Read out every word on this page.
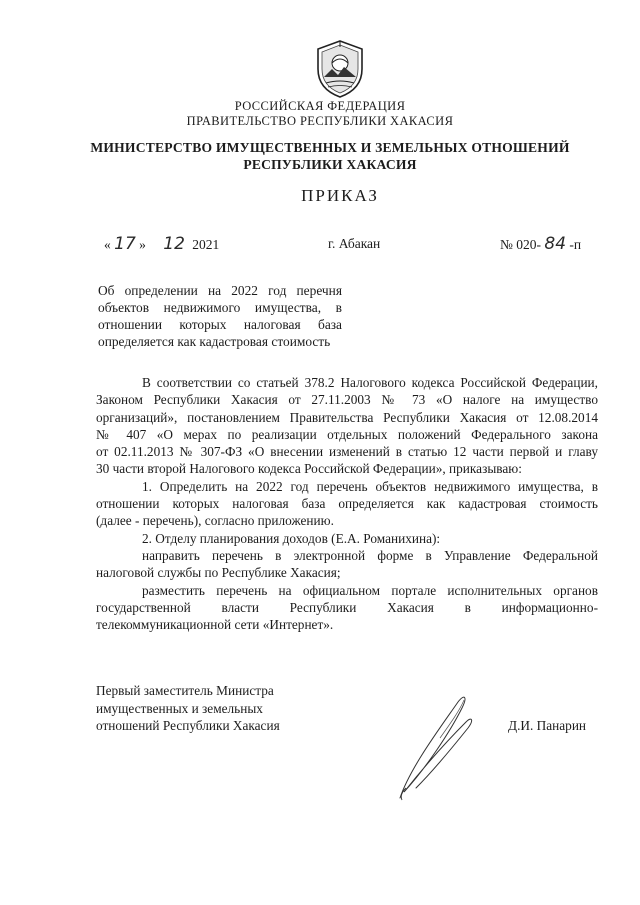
РОССИЙСКАЯ ФЕДЕРАЦИЯ
ПРАВИТЕЛЬСТВО РЕСПУБЛИКИ ХАКАСИЯ
МИНИСТЕРСТВО ИМУЩЕСТВЕННЫХ И ЗЕМЕЛЬНЫХ ОТНОШЕНИЙ
РЕСПУБЛИКИ ХАКАСИЯ
ПРИКАЗ
« 17 » 12 2021	г. Абакан	№ 020- 84 -п
Об определении на 2022 год перечня
объектов недвижимого имущества, в
отношении которых налоговая база
определяется как кадастровая стоимость
В соответствии со статьей 378.2 Налогового кодекса Российской Федерации,
Законом Республики Хакасия от 27.11.2003 № 73 «О налоге на имущество
организаций», постановлением Правительства Республики Хакасия от 12.08.2014
№ 407 «О мерах по реализации отдельных положений Федерального закона
от 02.11.2013 № 307-ФЗ «О внесении изменений в статью 12 части первой и главу
30 части второй Налогового кодекса Российской Федерации», приказываю:
1. Определить на 2022 год перечень объектов недвижимого имущества, в
отношении которых налоговая база определяется как кадастровая стоимость
(далее - перечень), согласно приложению.
2. Отделу планирования доходов (Е.А. Романихина):
направить перечень в электронной форме в Управление Федеральной
налоговой службы по Республике Хакасия;
разместить перечень на официальном портале исполнительных органов
государственной власти Республики Хакасия в информационно-
телекоммуникационной сети «Интернет».
Первый заместитель Министра
имущественных и земельных
отношений Республики Хакасия	Д.И. Панарин
